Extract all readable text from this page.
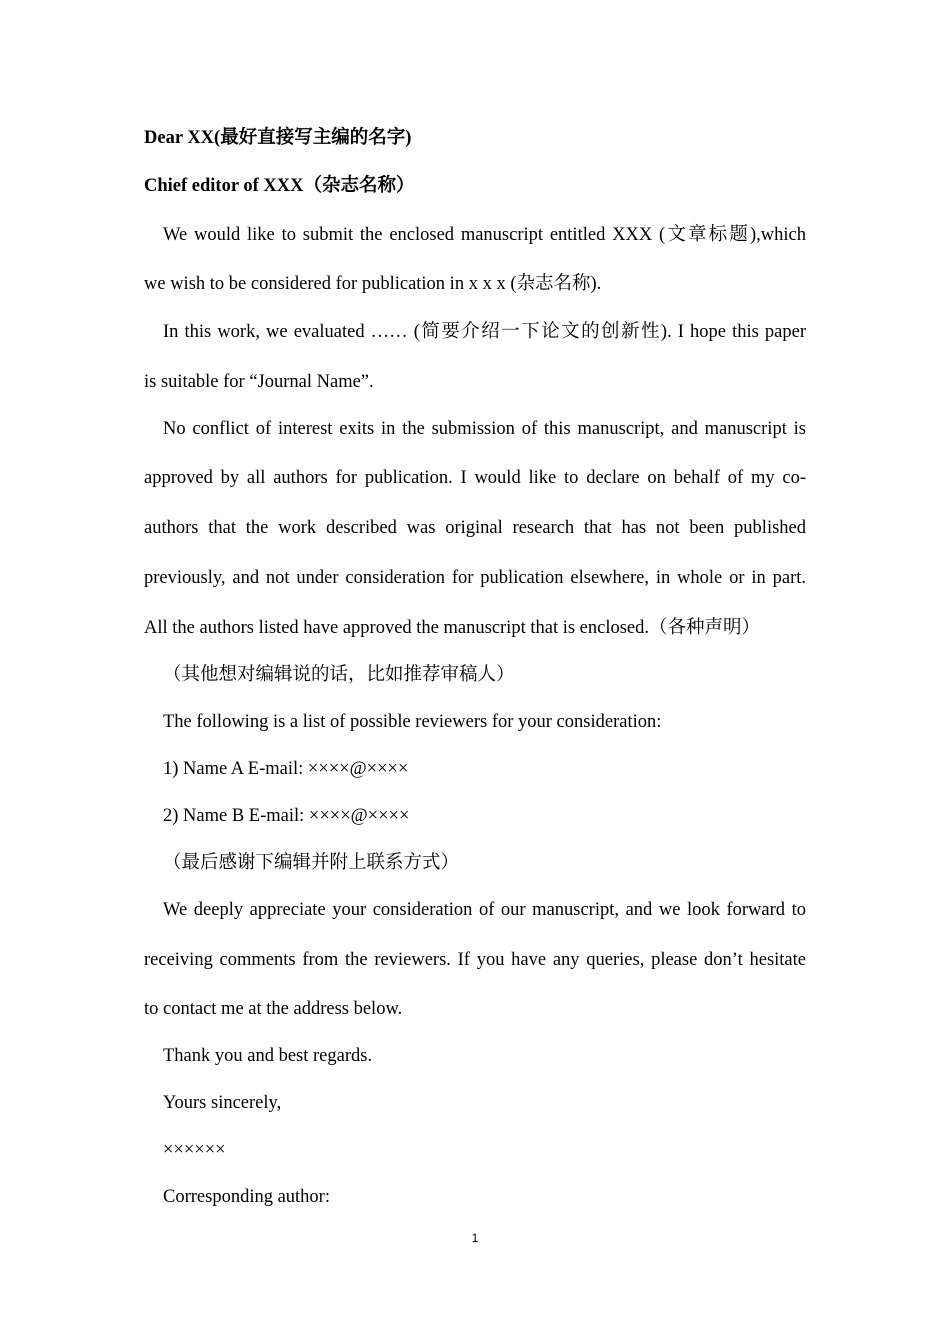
Dear XX(最好直接写主编的名字)
Chief editor of XXX（杂志名称）
We would like to submit the enclosed manuscript entitled XXX (文章标题),which
we wish to be considered for publication in x x x (杂志名称).
In this work, we evaluated …… (简要介绍一下论文的创新性). I hope this paper
is suitable for “Journal Name”.
No conflict of interest exits in the submission of this manuscript, and manuscript is
approved by all authors for publication. I would like to declare on behalf of my co-
authors that the work described was original research that has not been published
previously, and not under consideration for publication elsewhere, in whole or in part.
All the authors listed have approved the manuscript that is enclosed.（各种声明）
（其他想对编辑说的话，比如推荐审稿人）
The following is a list of possible reviewers for your consideration:
1) Name A E-mail: ××××@××××
2) Name B E-mail: ××××@××××
（最后感谢下编辑并附上联系方式）
We deeply appreciate your consideration of our manuscript, and we look forward to
receiving comments from the reviewers. If you have any queries, please don’t hesitate
to contact me at the address below.
Thank you and best regards.
Yours sincerely,
××××××
Corresponding author:
1
